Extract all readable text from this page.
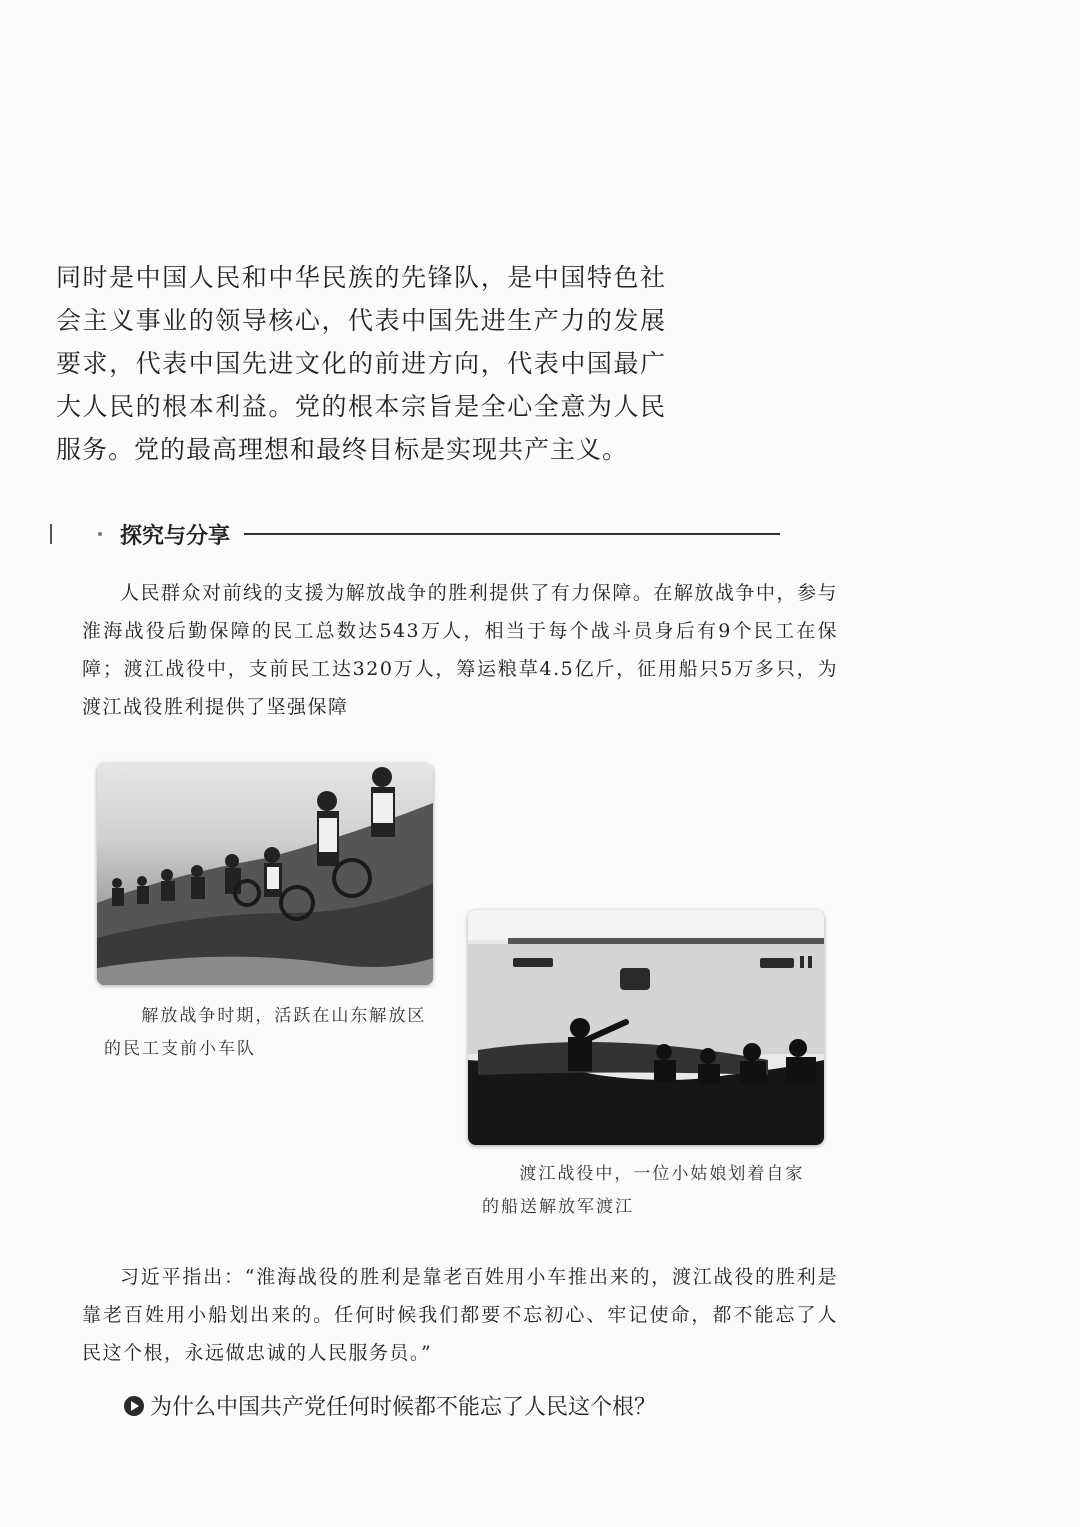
同时是中国人民和中华民族的先锋队，是中国特色社会主义事业的领导核心，代表中国先进生产力的发展要求，代表中国先进文化的前进方向，代表中国最广大人民的根本利益。党的根本宗旨是全心全意为人民服务。党的最高理想和最终目标是实现共产主义。

探究与分享

人民群众对前线的支援为解放战争的胜利提供了有力保障。在解放战争中，参与淮海战役后勤保障的民工总数达543万人，相当于每个战斗员身后有9个民工在保障；渡江战役中，支前民工达320万人，筹运粮草4.5亿斤，征用船只5万多只，为渡江战役胜利提供了坚强保障

解放战争时期，活跃在山东解放区的民工支前小车队

渡江战役中，一位小姑娘划着自家的船送解放军渡江

习近平指出：“淮海战役的胜利是靠老百姓用小车推出来的，渡江战役的胜利是靠老百姓用小船划出来的。任何时候我们都要不忘初心、牢记使命，都不能忘了人民这个根，永远做忠诚的人民服务员。”

为什么中国共产党任何时候都不能忘了人民这个根？
